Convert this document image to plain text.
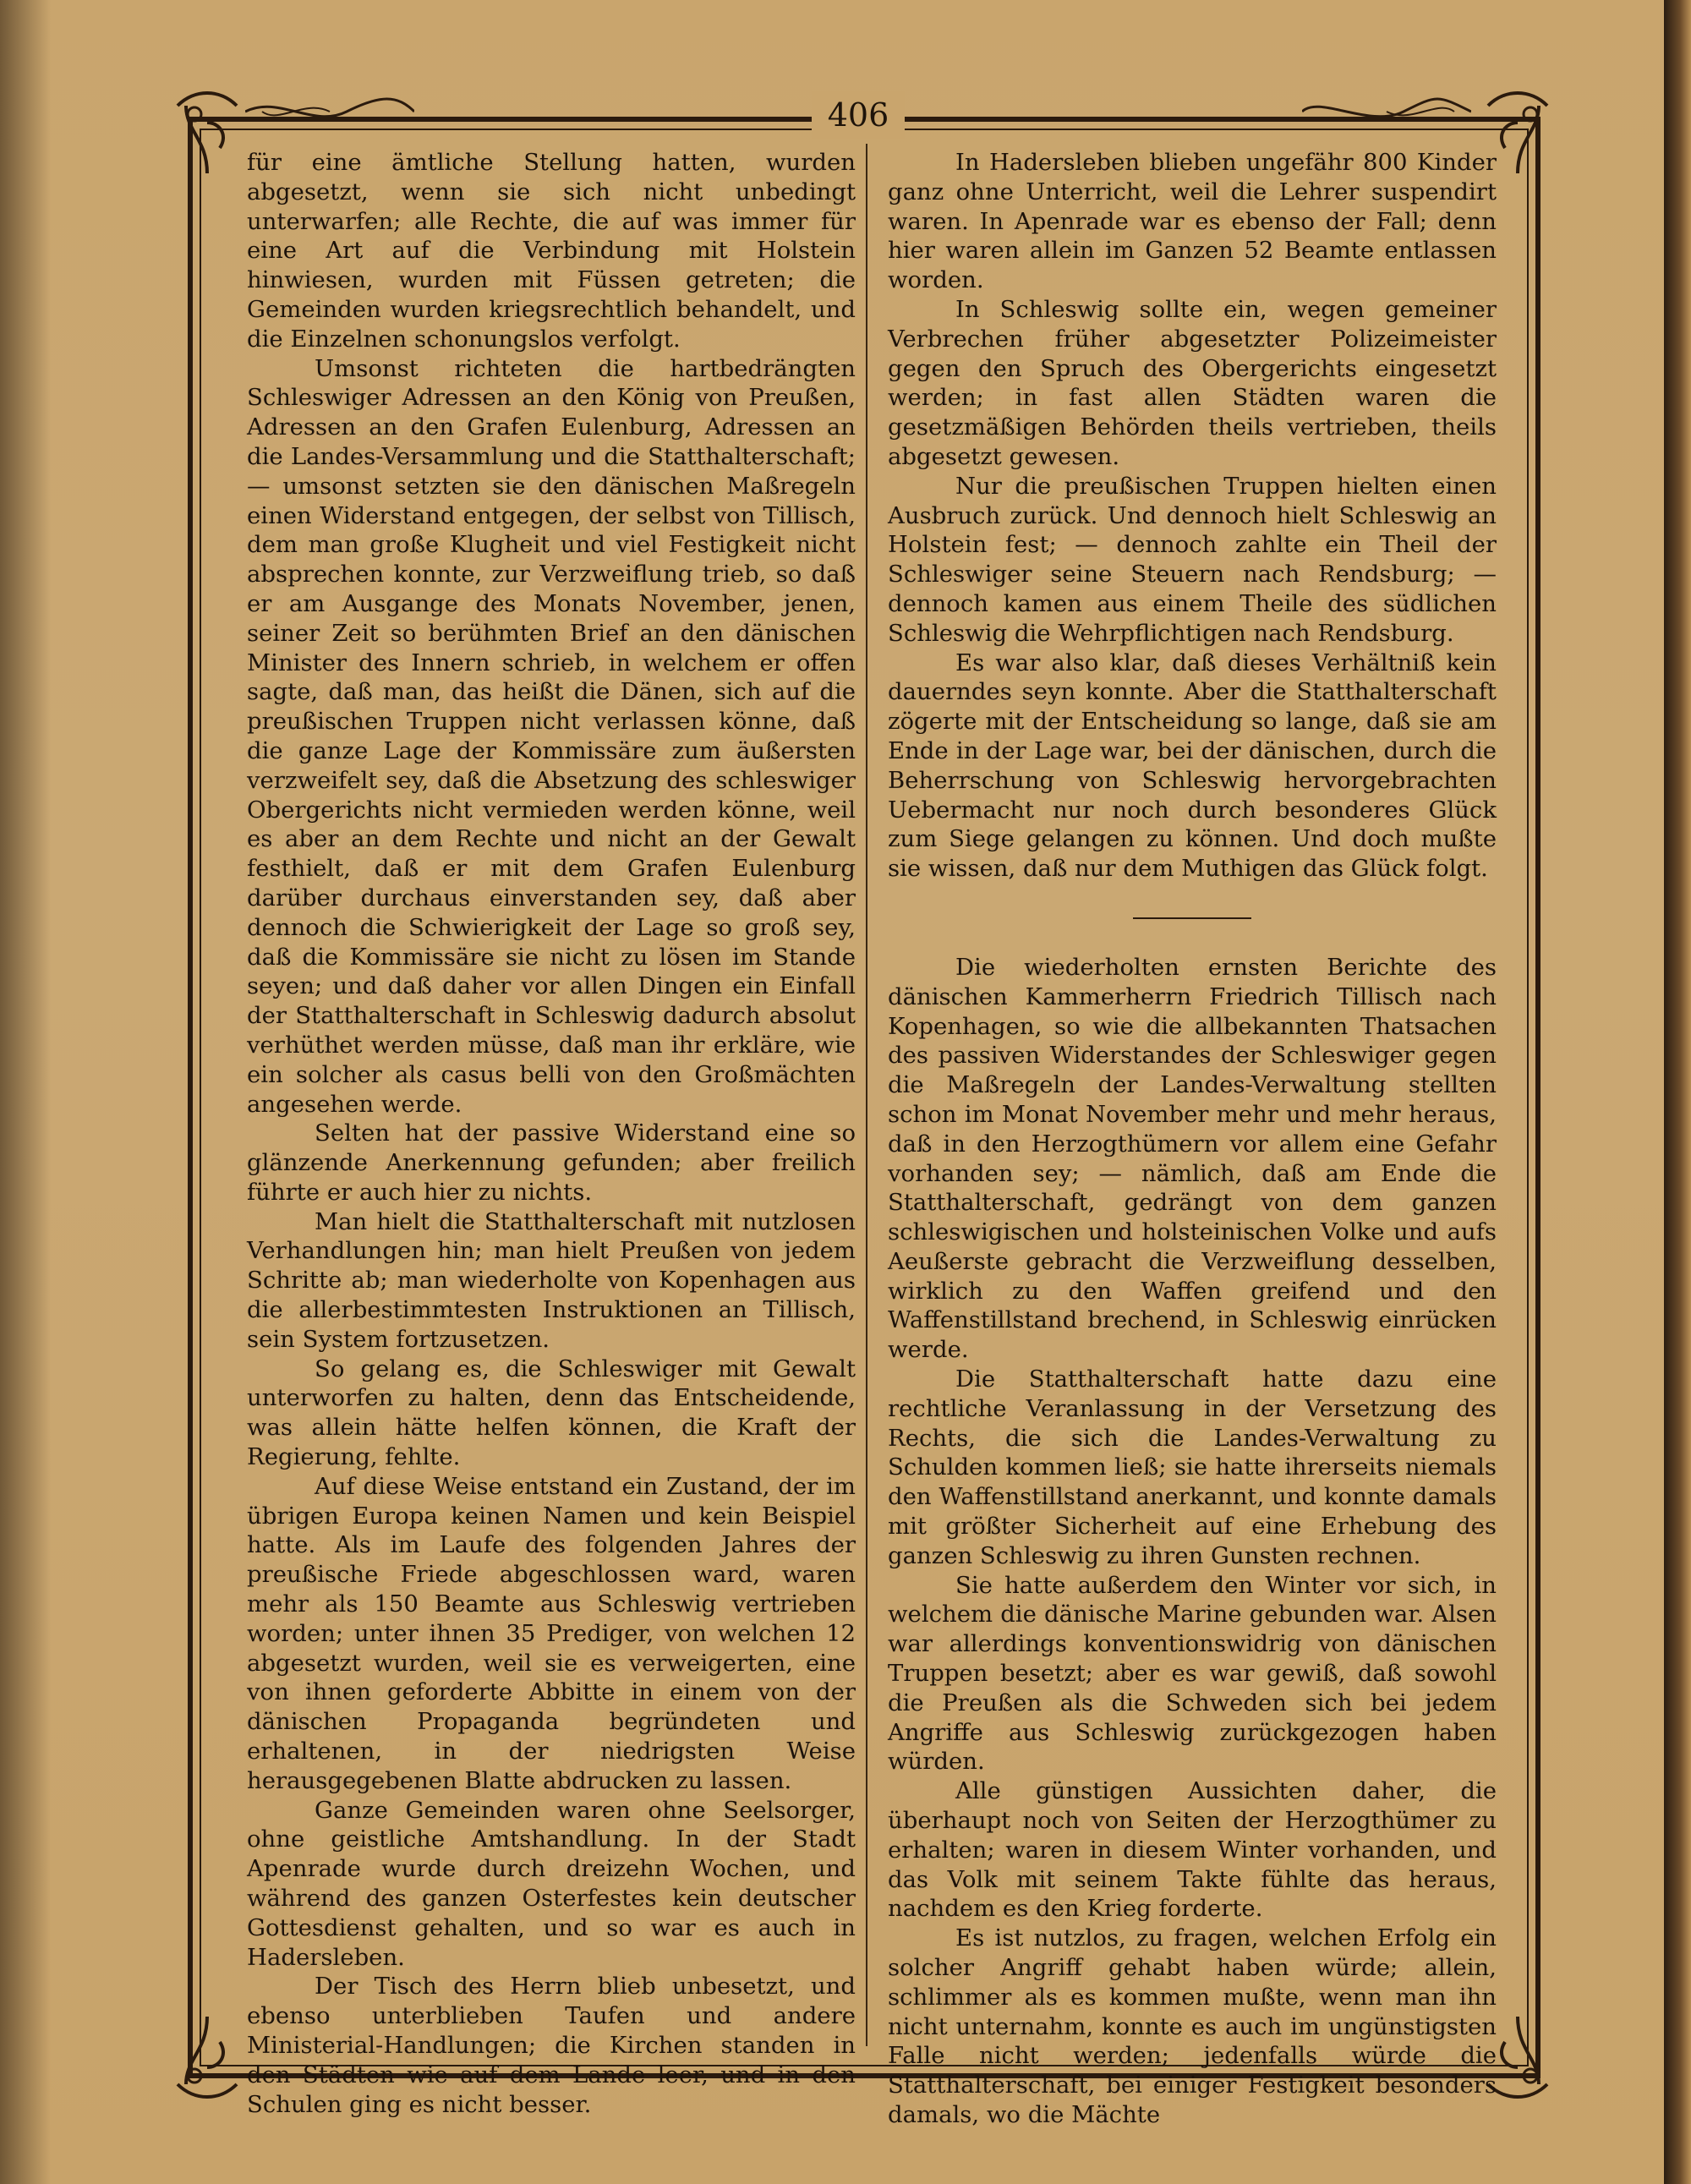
406

für eine ämtliche Stellung hatten, wurden abgesetzt, wenn sie sich nicht unbedingt unterwarfen; alle Rechte, die auf was immer für eine Art auf die Verbindung mit Holstein hinwiesen, wurden mit Füssen getreten; die Gemeinden wurden kriegsrechtlich behandelt, und die Einzelnen schonungslos verfolgt.

Umsonst richteten die hartbedrängten Schleswiger Adressen an den König von Preußen, Adressen an den Grafen Eulenburg, Adressen an die Landes-Versammlung und die Statthalterschaft; — umsonst setzten sie den dänischen Maßregeln einen Widerstand entgegen, der selbst von Tillisch, dem man große Klugheit und viel Festigkeit nicht absprechen konnte, zur Verzweiflung trieb, so daß er am Ausgange des Monats November, jenen, seiner Zeit so berühmten Brief an den dänischen Minister des Innern schrieb, in welchem er offen sagte, daß man, das heißt die Dänen, sich auf die preußischen Truppen nicht verlassen könne, daß die ganze Lage der Kommissäre zum äußersten verzweifelt sey, daß die Absetzung des schleswiger Obergerichts nicht vermieden werden könne, weil es aber an dem Rechte und nicht an der Gewalt festhielt, daß er mit dem Grafen Eulenburg darüber durchaus einverstanden sey, daß aber dennoch die Schwierigkeit der Lage so groß sey, daß die Kommissäre sie nicht zu lösen im Stande seyen; und daß daher vor allen Dingen ein Einfall der Statthalterschaft in Schleswig dadurch absolut verhüthet werden müsse, daß man ihr erkläre, wie ein solcher als casus belli von den Großmächten angesehen werde.

Selten hat der passive Widerstand eine so glänzende Anerkennung gefunden; aber freilich führte er auch hier zu nichts.

Man hielt die Statthalterschaft mit nutzlosen Verhandlungen hin; man hielt Preußen von jedem Schritte ab; man wiederholte von Kopenhagen aus die allerbestimmtesten Instruktionen an Tillisch, sein System fortzusetzen.

So gelang es, die Schleswiger mit Gewalt unterworfen zu halten, denn das Entscheidende, was allein hätte helfen können, die Kraft der Regierung, fehlte.

Auf diese Weise entstand ein Zustand, der im übrigen Europa keinen Namen und kein Beispiel hatte. Als im Laufe des folgenden Jahres der preußische Friede abgeschlossen ward, waren mehr als 150 Beamte aus Schleswig vertrieben worden; unter ihnen 35 Prediger, von welchen 12 abgesetzt wurden, weil sie es verweigerten, eine von ihnen geforderte Abbitte in einem von der dänischen Propaganda begründeten und erhaltenen, in der niedrigsten Weise herausgegebenen Blatte abdrucken zu lassen.

Ganze Gemeinden waren ohne Seelsorger, ohne geistliche Amtshandlung. In der Stadt Apenrade wurde durch dreizehn Wochen, und während des ganzen Osterfestes kein deutscher Gottesdienst gehalten, und so war es auch in Hadersleben.

Der Tisch des Herrn blieb unbesetzt, und ebenso unterblieben Taufen und andere Ministerial-Handlungen; die Kirchen standen in den Städten wie auf dem Lande leer, und in den Schulen ging es nicht besser.

In Hadersleben blieben ungefähr 800 Kinder ganz ohne Unterricht, weil die Lehrer suspendirt waren. In Apenrade war es ebenso der Fall; denn hier waren allein im Ganzen 52 Beamte entlassen worden.

In Schleswig sollte ein, wegen gemeiner Verbrechen früher abgesetzter Polizeimeister gegen den Spruch des Obergerichts eingesetzt werden; in fast allen Städten waren die gesetzmäßigen Behörden theils vertrieben, theils abgesetzt gewesen.

Nur die preußischen Truppen hielten einen Ausbruch zurück. Und dennoch hielt Schleswig an Holstein fest; — dennoch zahlte ein Theil der Schleswiger seine Steuern nach Rendsburg; — dennoch kamen aus einem Theile des südlichen Schleswig die Wehrpflichtigen nach Rendsburg.

Es war also klar, daß dieses Verhältniß kein dauerndes seyn konnte. Aber die Statthalterschaft zögerte mit der Entscheidung so lange, daß sie am Ende in der Lage war, bei der dänischen, durch die Beherrschung von Schleswig hervorgebrachten Uebermacht nur noch durch besonderes Glück zum Siege gelangen zu können. Und doch mußte sie wissen, daß nur dem Muthigen das Glück folgt.

Die wiederholten ernsten Berichte des dänischen Kammerherrn Friedrich Tillisch nach Kopenhagen, so wie die allbekannten Thatsachen des passiven Widerstandes der Schleswiger gegen die Maßregeln der Landes-Verwaltung stellten schon im Monat November mehr und mehr heraus, daß in den Herzogthümern vor allem eine Gefahr vorhanden sey; — nämlich, daß am Ende die Statthalterschaft, gedrängt von dem ganzen schleswigischen und holsteinischen Volke und aufs Aeußerste gebracht die Verzweiflung desselben, wirklich zu den Waffen greifend und den Waffenstillstand brechend, in Schleswig einrücken werde.

Die Statthalterschaft hatte dazu eine rechtliche Veranlassung in der Versetzung des Rechts, die sich die Landes-Verwaltung zu Schulden kommen ließ; sie hatte ihrerseits niemals den Waffenstillstand anerkannt, und konnte damals mit größter Sicherheit auf eine Erhebung des ganzen Schleswig zu ihren Gunsten rechnen.

Sie hatte außerdem den Winter vor sich, in welchem die dänische Marine gebunden war. Alsen war allerdings konventionswidrig von dänischen Truppen besetzt; aber es war gewiß, daß sowohl die Preußen als die Schweden sich bei jedem Angriffe aus Schleswig zurückgezogen haben würden.

Alle günstigen Aussichten daher, die überhaupt noch von Seiten der Herzogthümer zu erhalten; waren in diesem Winter vorhanden, und das Volk mit seinem Takte fühlte das heraus, nachdem es den Krieg forderte.

Es ist nutzlos, zu fragen, welchen Erfolg ein solcher Angriff gehabt haben würde; allein, schlimmer als es kommen mußte, wenn man ihn nicht unternahm, konnte es auch im ungünstigsten Falle nicht werden; jedenfalls würde die Statthalterschaft, bei einiger Festigkeit besonders damals, wo die Mächte
